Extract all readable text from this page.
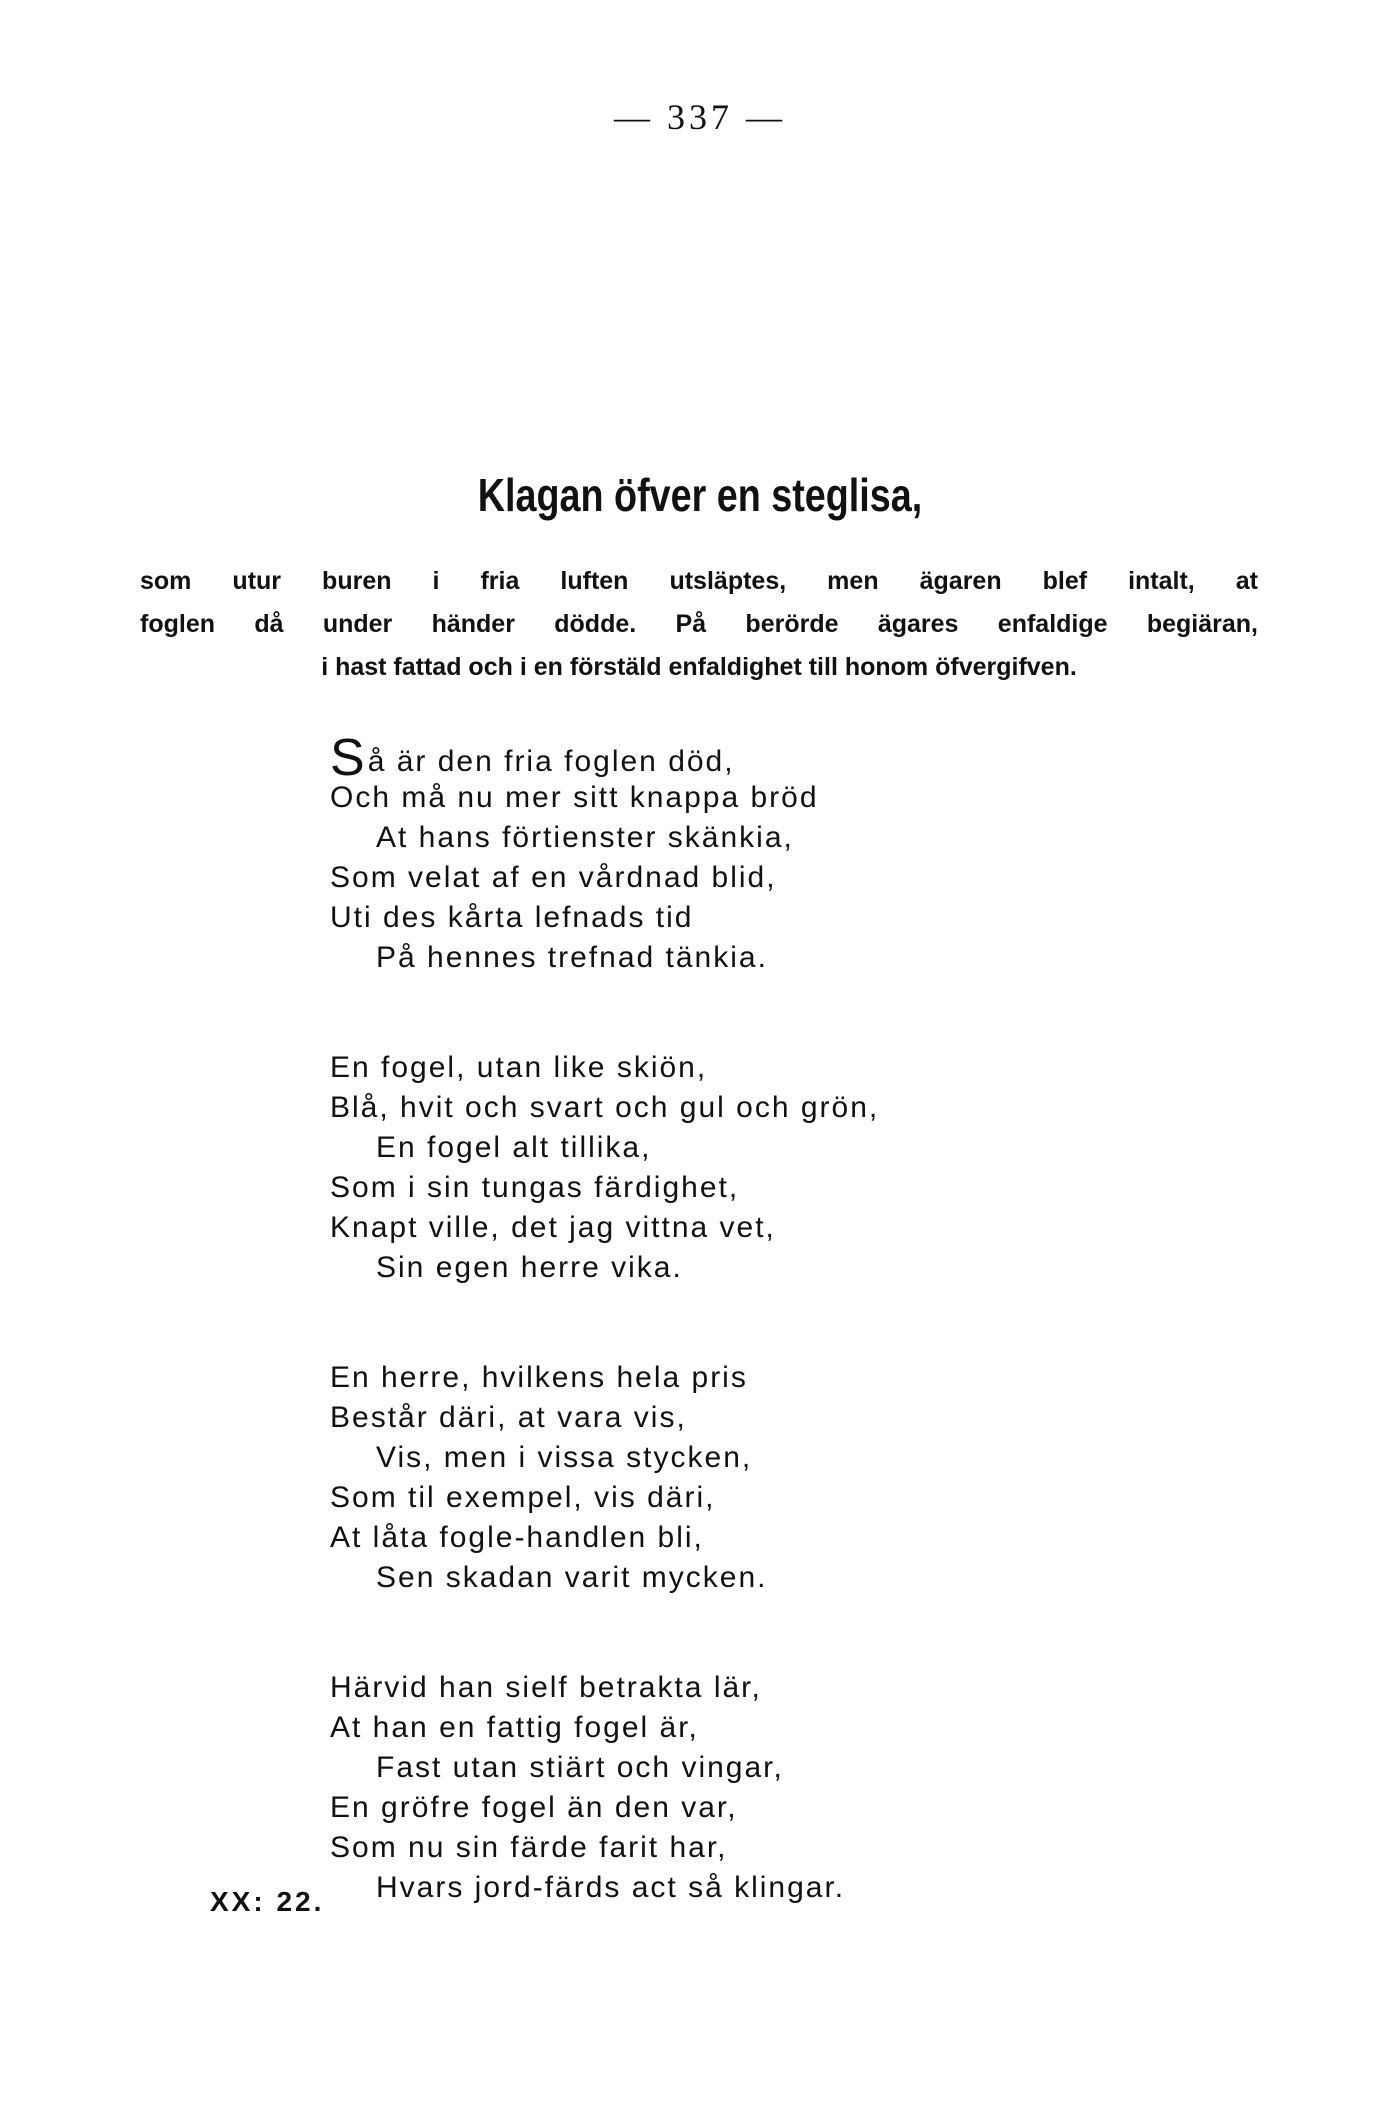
— 337 —
Klagan öfver en steglisa,
som utur buren i fria luften utsläptes, men ägaren blef intalt, at
foglen då under händer dödde. På berörde ägares enfaldige begiäran,
i hast fattad och i en förstäld enfaldighet till honom öfvergifven.
Så är den fria foglen död,
Och må nu mer sitt knappa bröd
At hans förtienster skänkia,
Som velat af en vårdnad blid,
Uti des kårta lefnads tid
På hennes trefnad tänkia.
En fogel, utan like skiön,
Blå, hvit och svart och gul och grön,
En fogel alt tillika,
Som i sin tungas färdighet,
Knapt ville, det jag vittna vet,
Sin egen herre vika.
En herre, hvilkens hela pris
Består däri, at vara vis,
Vis, men i vissa stycken,
Som til exempel, vis däri,
At låta fogle-handlen bli,
Sen skadan varit mycken.
Härvid han sielf betrakta lär,
At han en fattig fogel är,
Fast utan stiärt och vingar,
En gröfre fogel än den var,
Som nu sin färde farit har,
Hvars jord-färds act så klingar.
XX: 22.
